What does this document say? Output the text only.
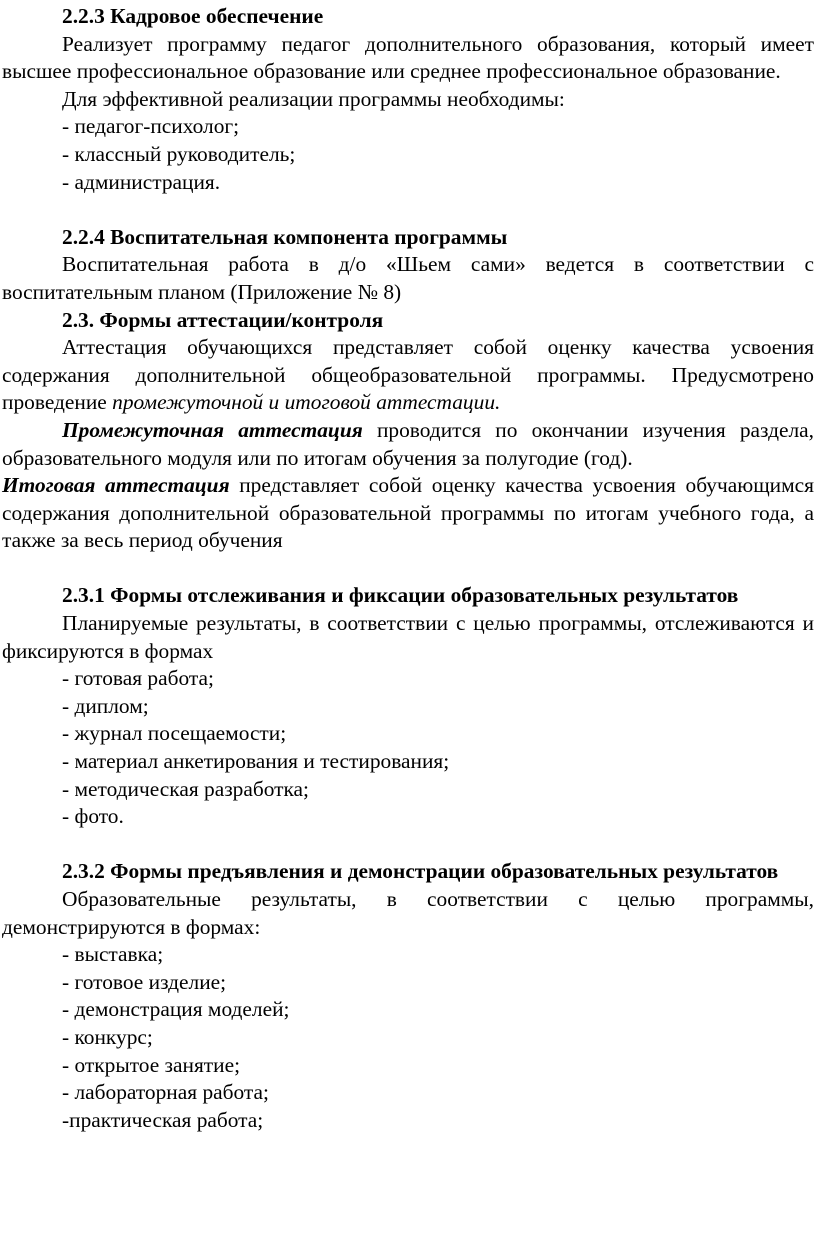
2.2.3 Кадровое обеспечение

Реализует программу педагог дополнительного образования, который имеет высшее профессиональное образование или среднее профессиональное образование.

Для эффективной реализации программы необходимы:

- педагог-психолог;

- классный руководитель;

- администрация.

2.2.4 Воспитательная компонента программы

Воспитательная работа в д/о «Шьем сами» ведется в соответствии с воспитательным планом (Приложение № 8)

2.3. Формы аттестации/контроля

Аттестация обучающихся представляет собой оценку качества усвоения содержания дополнительной общеобразовательной программы. Предусмотрено проведение промежуточной и итоговой аттестации.

Промежуточная аттестация проводится по окончании изучения раздела, образовательного модуля или по итогам обучения за полугодие (год).

Итоговая аттестация представляет собой оценку качества усвоения обучающимся содержания дополнительной образовательной программы по итогам учебного года, а также за весь период обучения

2.3.1 Формы отслеживания и фиксации образовательных результатов

Планируемые результаты, в соответствии с целью программы, отслеживаются и фиксируются в формах

- готовая работа;

- диплом;

- журнал посещаемости;

- материал анкетирования и тестирования;

- методическая разработка;

- фото.

2.3.2 Формы предъявления и демонстрации образовательных результатов

Образовательные результаты, в соответствии с целью программы, демонстрируются в формах:

- выставка;

- готовое изделие;

- демонстрация моделей;

- конкурс;

- открытое занятие;

- лабораторная работа;

-практическая работа;
